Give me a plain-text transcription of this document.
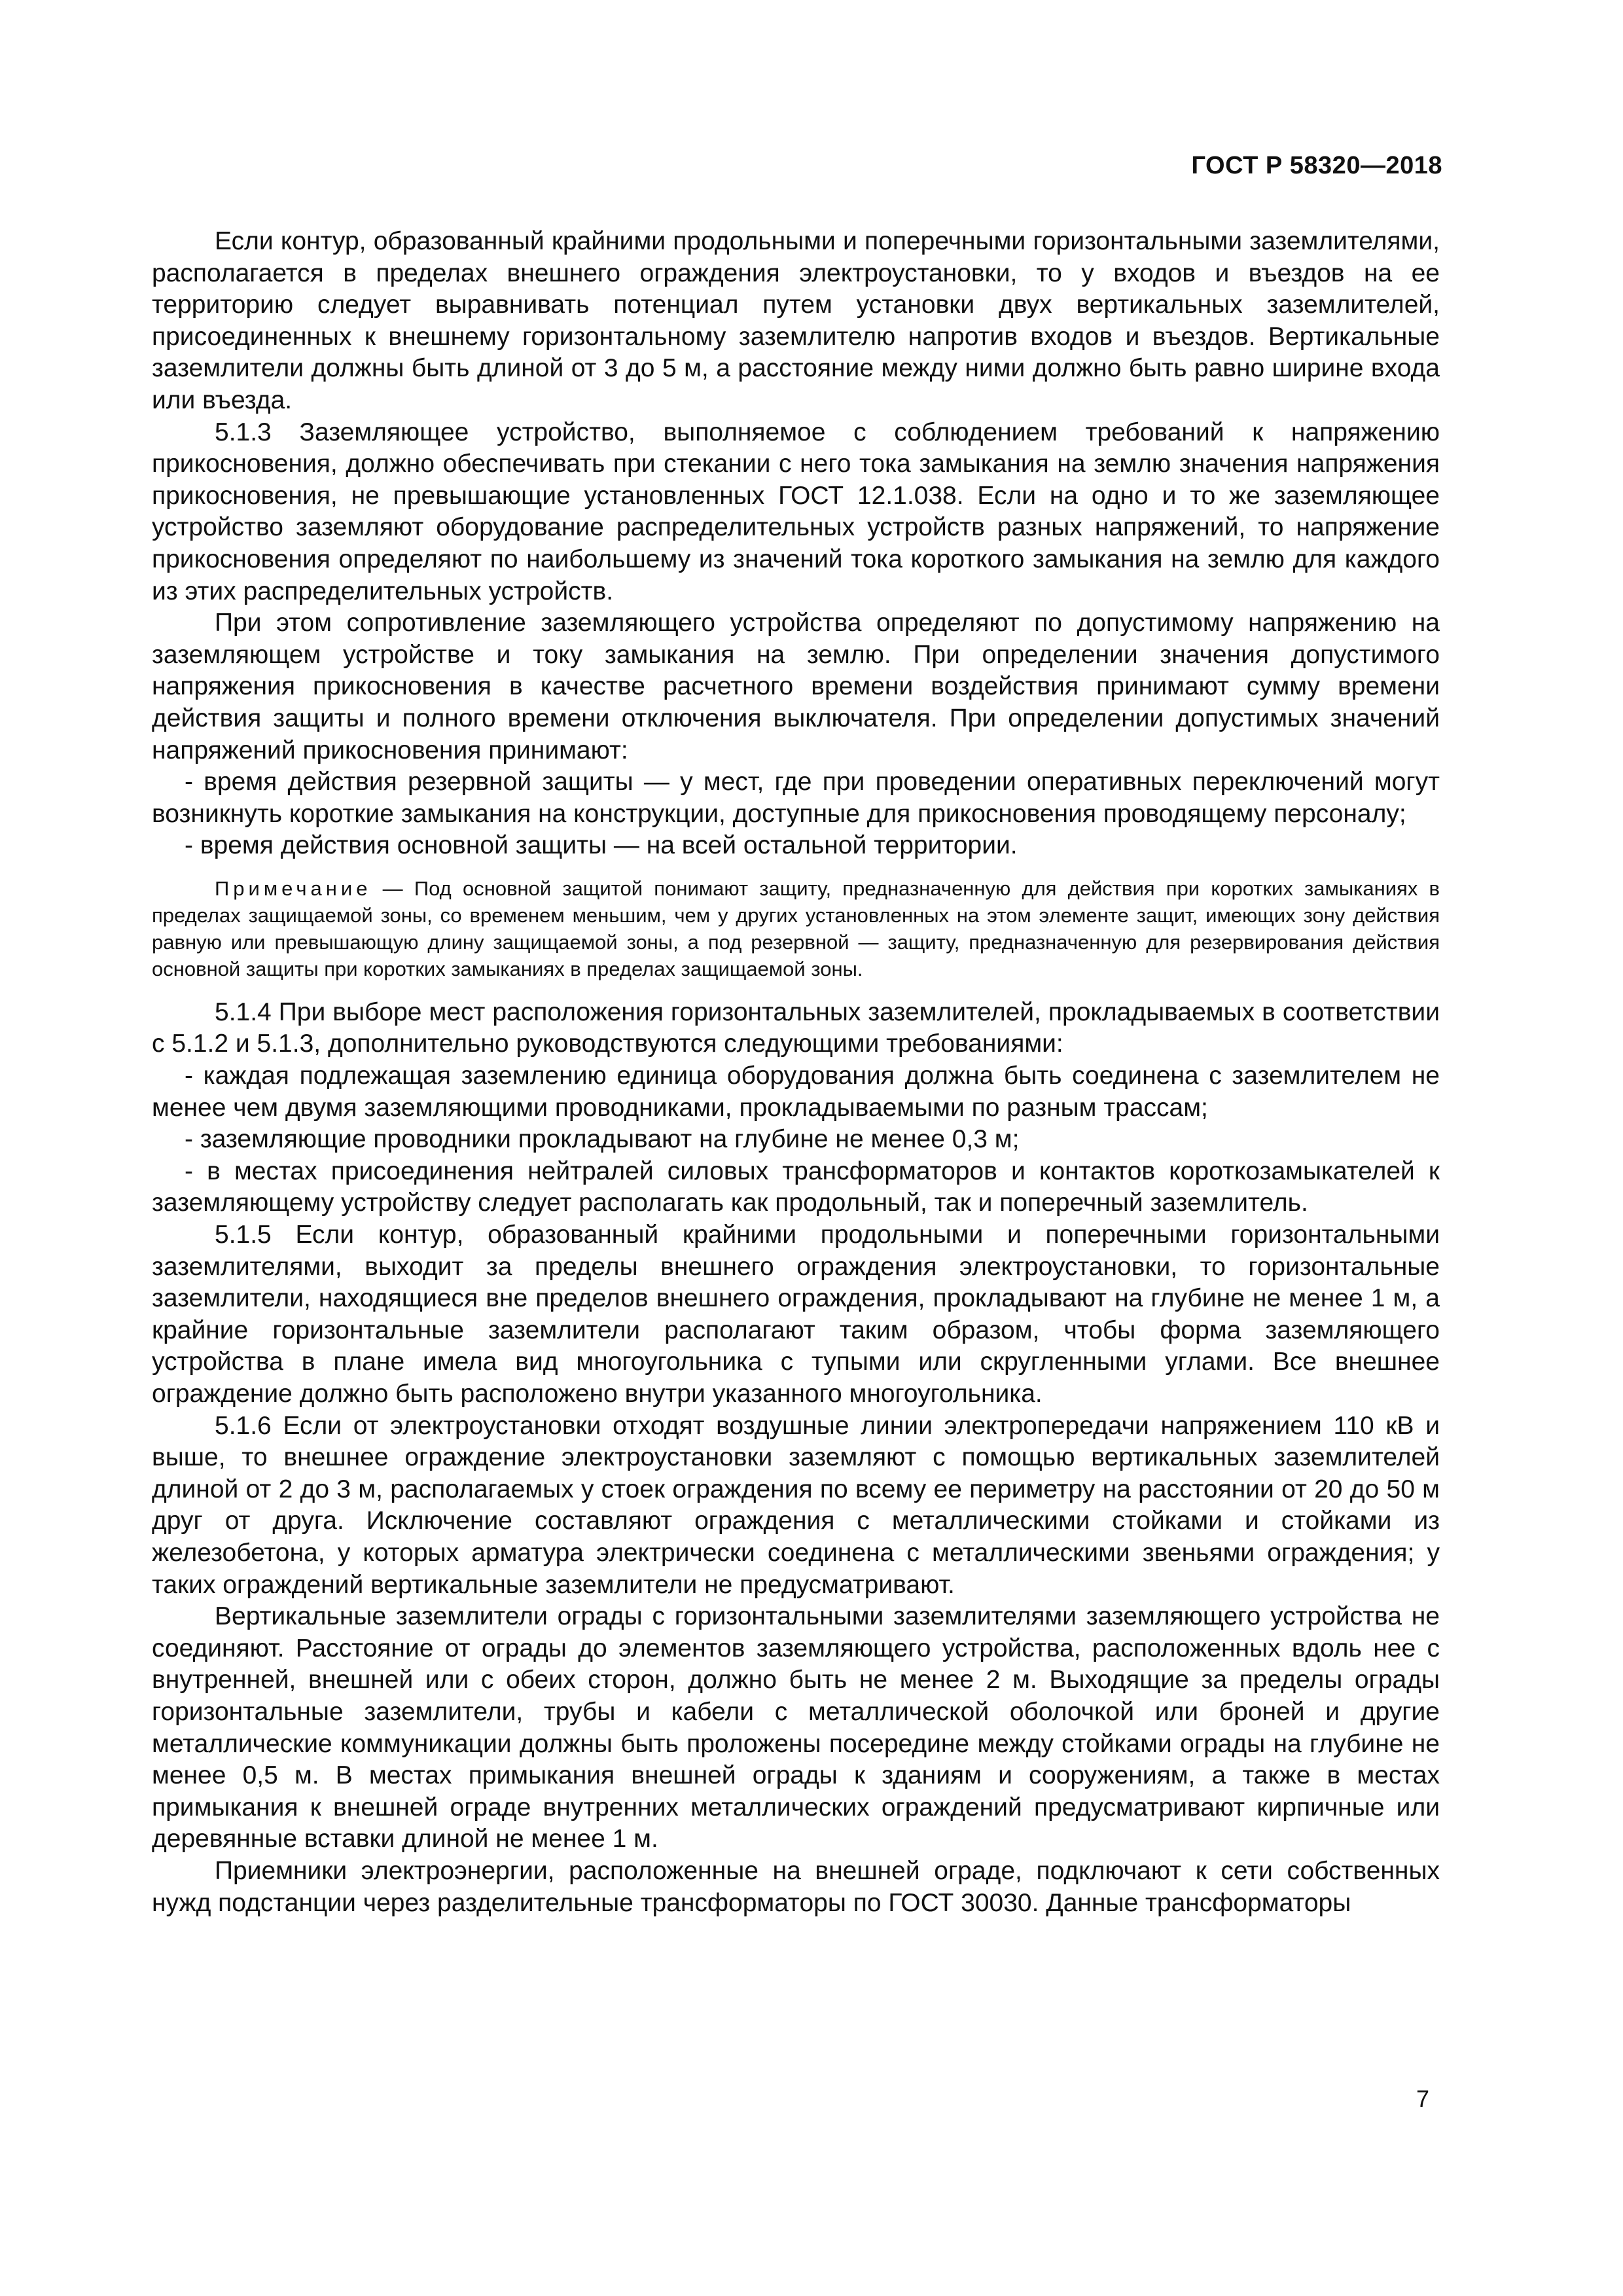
ГОСТ Р 58320—2018

Если контур, образованный крайними продольными и поперечными горизонтальными заземлителями, располагается в пределах внешнего ограждения электроустановки, то у входов и въездов на ее территорию следует выравнивать потенциал путем установки двух вертикальных заземлителей, присоединенных к внешнему горизонтальному заземлителю напротив входов и въездов. Вертикальные заземлители должны быть длиной от 3 до 5 м, а расстояние между ними должно быть равно ширине входа или въезда.

5.1.3 Заземляющее устройство, выполняемое с соблюдением требований к напряжению прикосновения, должно обеспечивать при стекании с него тока замыкания на землю значения напряжения прикосновения, не превышающие установленных ГОСТ 12.1.038. Если на одно и то же заземляющее устройство заземляют оборудование распределительных устройств разных напряжений, то напряжение прикосновения определяют по наибольшему из значений тока короткого замыкания на землю для каждого из этих распределительных устройств.

При этом сопротивление заземляющего устройства определяют по допустимому напряжению на заземляющем устройстве и току замыкания на землю. При определении значения допустимого напряжения прикосновения в качестве расчетного времени воздействия принимают сумму времени действия защиты и полного времени отключения выключателя. При определении допустимых значений напряжений прикосновения принимают:

- время действия резервной защиты — у мест, где при проведении оперативных переключений могут возникнуть короткие замыкания на конструкции, доступные для прикосновения проводящему персоналу;

- время действия основной защиты — на всей остальной территории.

Примечание — Под основной защитой понимают защиту, предназначенную для действия при коротких замыканиях в пределах защищаемой зоны, со временем меньшим, чем у других установленных на этом элементе защит, имеющих зону действия равную или превышающую длину защищаемой зоны, а под резервной — защиту, предназначенную для резервирования действия основной защиты при коротких замыканиях в пределах защищаемой зоны.

5.1.4 При выборе мест расположения горизонтальных заземлителей, прокладываемых в соответствии с 5.1.2 и 5.1.3, дополнительно руководствуются следующими требованиями:

- каждая подлежащая заземлению единица оборудования должна быть соединена с заземлителем не менее чем двумя заземляющими проводниками, прокладываемыми по разным трассам;

- заземляющие проводники прокладывают на глубине не менее 0,3 м;

- в местах присоединения нейтралей силовых трансформаторов и контактов короткозамыкателей к заземляющему устройству следует располагать как продольный, так и поперечный заземлитель.

5.1.5 Если контур, образованный крайними продольными и поперечными горизонтальными заземлителями, выходит за пределы внешнего ограждения электроустановки, то горизонтальные заземлители, находящиеся вне пределов внешнего ограждения, прокладывают на глубине не менее 1 м, а крайние горизонтальные заземлители располагают таким образом, чтобы форма заземляющего устройства в плане имела вид многоугольника с тупыми или скругленными углами. Все внешнее ограждение должно быть расположено внутри указанного многоугольника.

5.1.6 Если от электроустановки отходят воздушные линии электропередачи напряжением 110 кВ и выше, то внешнее ограждение электроустановки заземляют с помощью вертикальных заземлителей длиной от 2 до 3 м, располагаемых у стоек ограждения по всему ее периметру на расстоянии от 20 до 50 м друг от друга. Исключение составляют ограждения с металлическими стойками и стойками из железобетона, у которых арматура электрически соединена с металлическими звеньями ограждения; у таких ограждений вертикальные заземлители не предусматривают.

Вертикальные заземлители ограды с горизонтальными заземлителями заземляющего устройства не соединяют. Расстояние от ограды до элементов заземляющего устройства, расположенных вдоль нее с внутренней, внешней или с обеих сторон, должно быть не менее 2 м. Выходящие за пределы ограды горизонтальные заземлители, трубы и кабели с металлической оболочкой или броней и другие металлические коммуникации должны быть проложены посередине между стойками ограды на глубине не менее 0,5 м. В местах примыкания внешней ограды к зданиям и сооружениям, а также в местах примыкания к внешней ограде внутренних металлических ограждений предусматривают кирпичные или деревянные вставки длиной не менее 1 м.

Приемники электроэнергии, расположенные на внешней ограде, подключают к сети собственных нужд подстанции через разделительные трансформаторы по ГОСТ 30030. Данные трансформаторы

7
